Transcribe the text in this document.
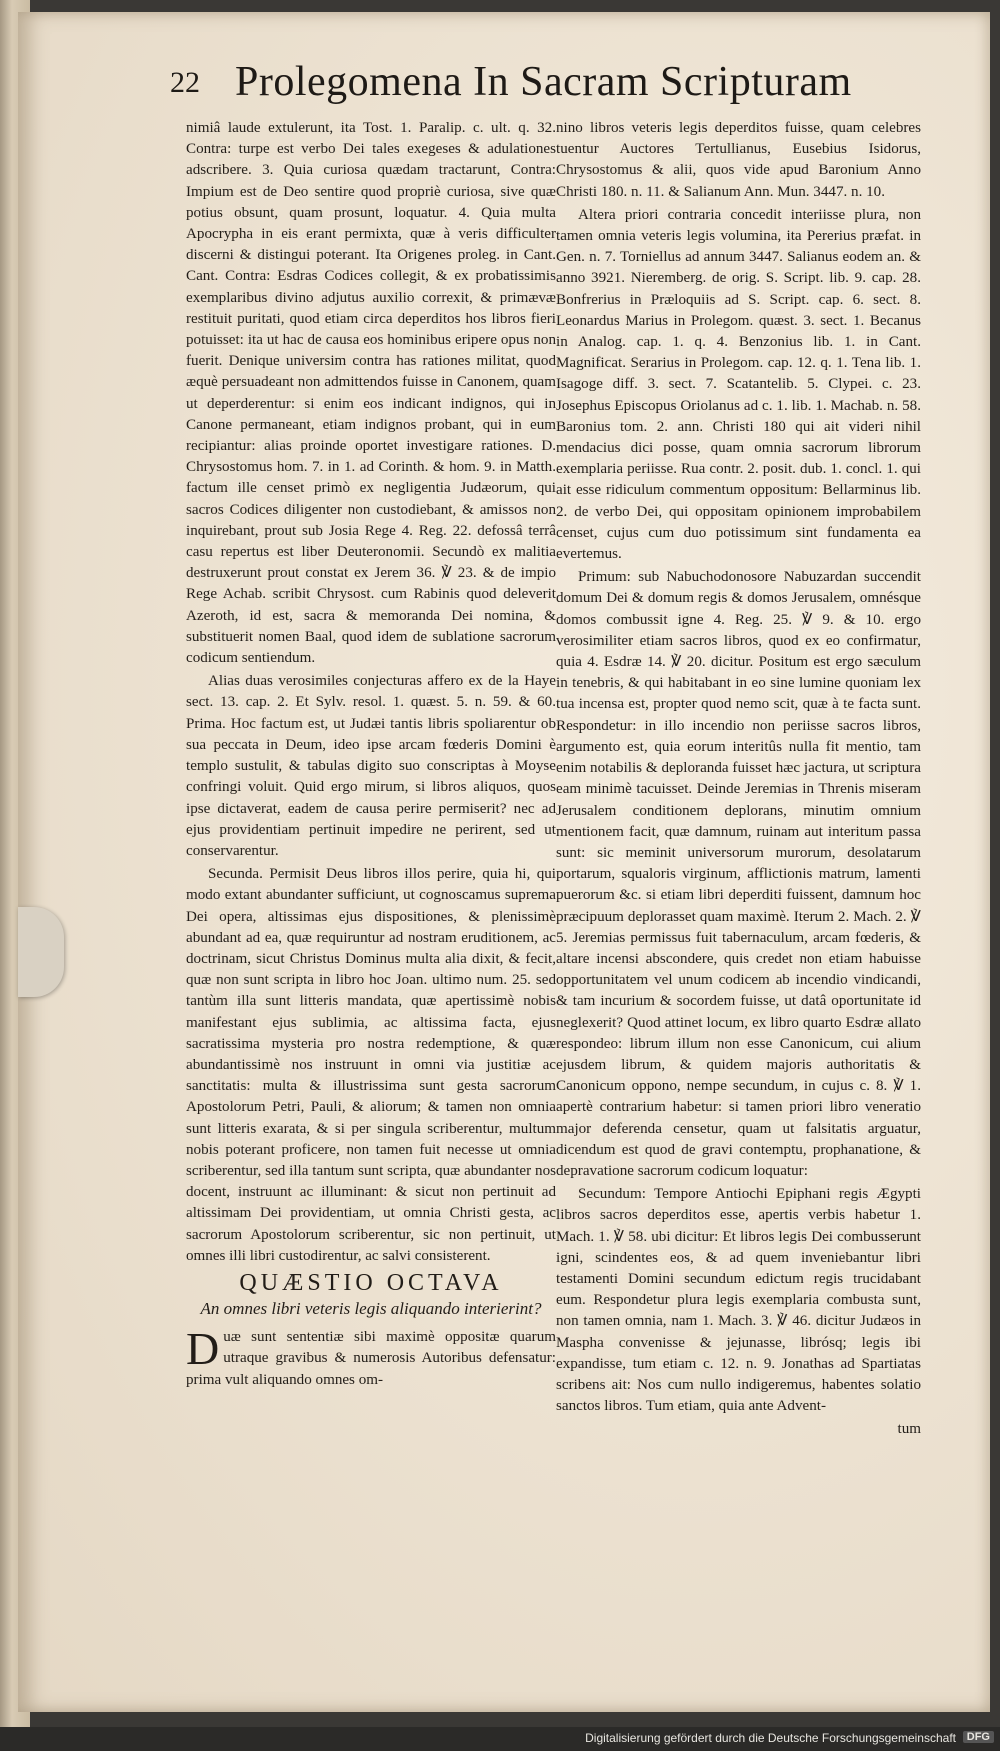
22 Prolegomena In Sacram Scripturam

nimiâ laude extulerunt, ita Tost. 1. Paralip. c. ult. q. 32. Contra: turpe est verbo Dei tales exegeses & adulationes adscribere. 3. Quia curiosa quædam tractarunt, Contra: Impium est de Deo sentire quod propriè curiosa, sive quæ potius obsunt, quam prosunt, loquatur. 4. Quia multa Apocrypha in eis erant permixta, quæ à veris difficulter discerni & distingui poterant. Ita Origenes proleg. in Cant. Cant. Contra: Esdras Codices collegit, & ex probatissimis exemplaribus divino adjutus auxilio correxit, & primævæ restituit puritati, quod etiam circa deperditos hos libros fieri potuisset: ita ut hac de causa eos hominibus eripere opus non fuerit. Denique universim contra has rationes militat, quod æquè persuadeant non admittendos fuisse in Canonem, quam ut deperderentur: si enim eos indicant indignos, qui in Canone permaneant, etiam indignos probant, qui in eum recipiantur: alias proinde oportet investigare rationes. D. Chrysostomus hom. 7. in 1. ad Corinth. & hom. 9. in Matth. factum ille censet primò ex negligentia Judæorum, qui sacros Codices diligenter non custodiebant, & amissos non inquirebant, prout sub Josia Rege 4. Reg. 22. defossâ terrâ casu repertus est liber Deuteronomii. Secundò ex malitia destruxerunt prout constat ex Jerem 36. ℣ 23. & de impio Rege Achab. scribit Chrysost. cum Rabinis quod deleverit Azeroth, id est, sacra & memoranda Dei nomina, & substituerit nomen Baal, quod idem de sublatione sacrorum codicum sentiendum.

Alias duas verosimiles conjecturas affero ex de la Haye sect. 13. cap. 2. Et Sylv. resol. 1. quæst. 5. n. 59. & 60. Prima. Hoc factum est, ut Judæi tantis libris spoliarentur ob sua peccata in Deum, ideo ipse arcam fœderis Domini è templo sustulit, & tabulas digito suo conscriptas à Moyse confringi voluit. Quid ergo mirum, si libros aliquos, quos ipse dictaverat, eadem de causa perire permiserit? nec ad ejus providentiam pertinuit impedire ne perirent, sed ut conservarentur.

Secunda. Permisit Deus libros illos perire, quia hi, qui modo extant abundanter sufficiunt, ut cognoscamus suprema Dei opera, altissimas ejus dispositiones, & plenissimè abundant ad ea, quæ requiruntur ad nostram eruditionem, ac doctrinam, sicut Christus Dominus multa alia dixit, & fecit, quæ non sunt scripta in libro hoc Joan. ultimo num. 25. sed tantùm illa sunt litteris mandata, quæ apertissimè nobis manifestant ejus sublimia, ac altissima facta, ejus sacratissima mysteria pro nostra redemptione, & quæ abundantissimè nos instruunt in omni via justitiæ ac sanctitatis: multa & illustrissima sunt gesta sacrorum Apostolorum Petri, Pauli, & aliorum; & tamen non omnia sunt litteris exarata, & si per singula scriberentur, multum nobis poterant proficere, non tamen fuit necesse ut omnia scriberentur, sed illa tantum sunt scripta, quæ abundanter nos docent, instruunt ac illuminant: & sicut non pertinuit ad altissimam Dei providentiam, ut omnia Christi gesta, ac sacrorum Apostolorum scriberentur, sic non pertinuit, ut omnes illi libri custodirentur, ac salvi consisterent.

QUÆSTIO OCTAVA
An omnes libri veteris legis aliquando interierint?

Duæ sunt sententiæ sibi maximè oppositæ quarum utraque gravibus & numerosis Autoribus defensatur: prima vult aliquando omnes om-

nino libros veteris legis deperditos fuisse, quam celebres tuentur Auctores Tertullianus, Eusebius Isidorus, Chrysostomus & alii, quos vide apud Baronium Anno Christi 180. n. 11. & Salianum Ann. Mun. 3447. n. 10.

Altera priori contraria concedit interiisse plura, non tamen omnia veteris legis volumina, ita Pererius præfat. in Gen. n. 7. Torniellus ad annum 3447. Salianus eodem an. & anno 3921. Nieremberg. de orig. S. Script. lib. 9. cap. 28. Bonfrerius in Præloquiis ad S. Script. cap. 6. sect. 8. Leonardus Marius in Prolegom. quæst. 3. sect. 1. Becanus in Analog. cap. 1. q. 4. Benzonius lib. 1. in Cant. Magnificat. Serarius in Prolegom. cap. 12. q. 1. Tena lib. 1. Isagoge diff. 3. sect. 7. Scatantelib. 5. Clypei. c. 23. Josephus Episcopus Oriolanus ad c. 1. lib. 1. Machab. n. 58. Baronius tom. 2. ann. Christi 180 qui ait videri nihil mendacius dici posse, quam omnia sacrorum librorum exemplaria periisse. Rua contr. 2. posit. dub. 1. concl. 1. qui ait esse ridiculum commentum oppositum: Bellarminus lib. 2. de verbo Dei, qui oppositam opinionem improbabilem censet, cujus cum duo potissimum sint fundamenta ea evertemus.

Primum: sub Nabuchodonosore Nabuzardan succendit domum Dei & domum regis & domos Jerusalem, omnésque domos combussit igne 4. Reg. 25. ℣ 9. & 10. ergo verosimiliter etiam sacros libros, quod ex eo confirmatur, quia 4. Esdræ 14. ℣ 20. dicitur. Positum est ergo sæculum in tenebris, & qui habitabant in eo sine lumine quoniam lex tua incensa est, propter quod nemo scit, quæ à te facta sunt. Respondetur: in illo incendio non periisse sacros libros, argumento est, quia eorum interitûs nulla fit mentio, tam enim notabilis & deploranda fuisset hæc jactura, ut scriptura eam minimè tacuisset. Deinde Jeremias in Threnis miseram Jerusalem conditionem deplorans, minutim omnium mentionem facit, quæ damnum, ruinam aut interitum passa sunt: sic meminit universorum murorum, desolatarum portarum, squaloris virginum, afflictionis matrum, lamenti puerorum &c. si etiam libri deperditi fuissent, damnum hoc præcipuum deplorasset quam maximè. Iterum 2. Mach. 2. ℣ 5. Jeremias permissus fuit tabernaculum, arcam fœderis, & altare incensi abscondere, quis credet non etiam habuisse opportunitatem vel unum codicem ab incendio vindicandi, & tam incurium & socordem fuisse, ut datâ oportunitate id neglexerit? Quod attinet locum, ex libro quarto Esdræ allato respondeo: librum illum non esse Canonicum, cui alium ejusdem librum, & quidem majoris authoritatis & Canonicum oppono, nempe secundum, in cujus c. 8. ℣ 1. apertè contrarium habetur: si tamen priori libro veneratio major deferenda censetur, quam ut falsitatis arguatur, dicendum est quod de gravi contemptu, prophanatione, & depravatione sacrorum codicum loquatur:

Secundum: Tempore Antiochi Epiphani regis Ægypti libros sacros deperditos esse, apertis verbis habetur 1. Mach. 1. ℣ 58. ubi dicitur: Et libros legis Dei combusserunt igni, scindentes eos, & ad quem inveniebantur libri testamenti Domini secundum edictum regis trucidabant eum. Respondetur plura legis exemplaria combusta sunt, non tamen omnia, nam 1. Mach. 3. ℣ 46. dicitur Judæos in Maspha convenisse & jejunasse, librósq; legis ibi expandisse, tum etiam c. 12. n. 9. Jonathas ad Spartiatas scribens ait: Nos cum nullo indigeremus, habentes solatio sanctos libros. Tum etiam, quia ante Advent-

tum
Digitalisierung gefördert durch die Deutsche Forschungsgemeinschaft DFG
